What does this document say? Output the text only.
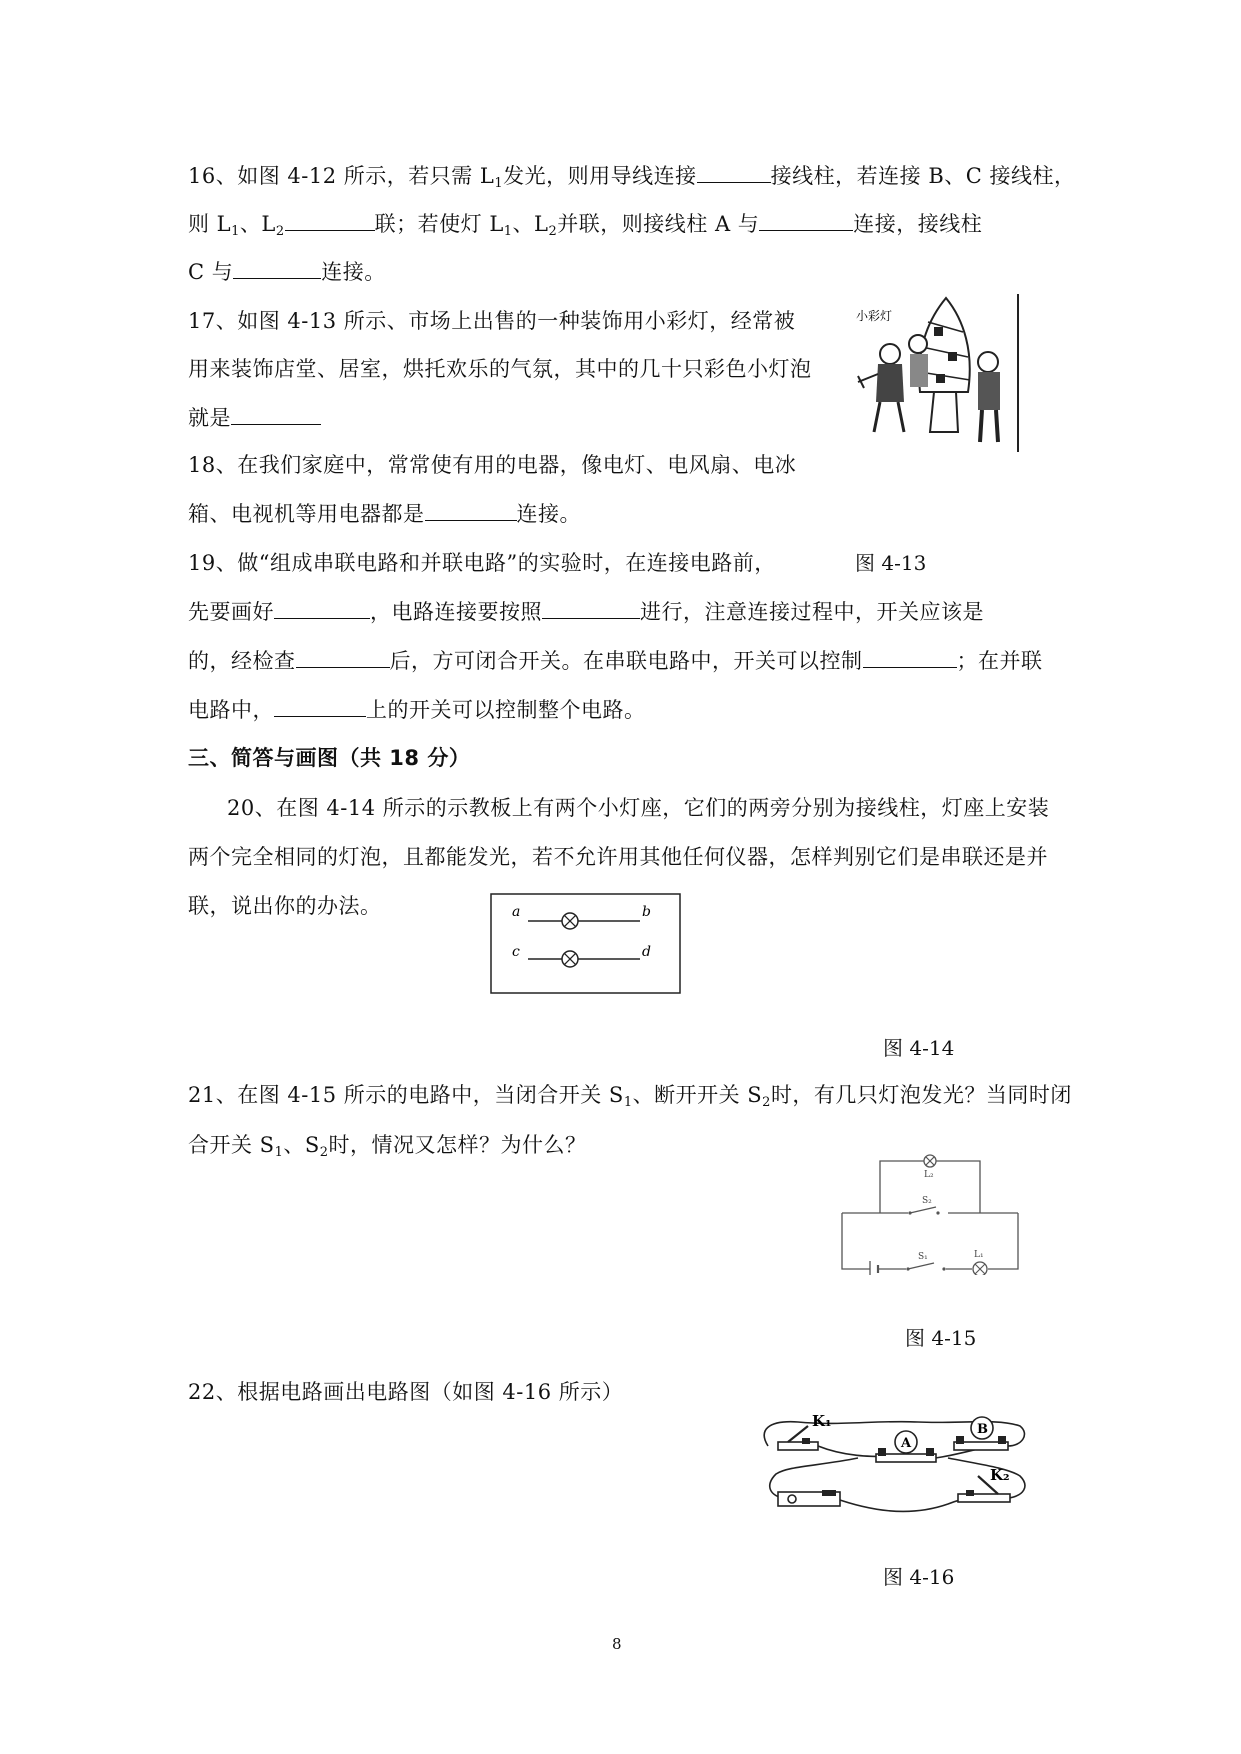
16、如图 4-12 所示，若只需 $L_1$发光，则用导线连接	接线柱，若连接 B、C 接线柱，
则 $L_1$、$L_2$	联；若使灯 $L_1$、$L_2$并联，则接线柱 A 与	连接，接线柱
C 与	连接。
17、如图 4-13 所示、市场上出售的一种装饰用小彩灯，经常被
用来装饰店堂、居室，烘托欢乐的气氛，其中的几十只彩色小灯泡
就是
小彩灯
18、在我们家庭中，常常使有用的电器，像电灯、电风扇、电冰
箱、电视机等用电器都是	连接。
19、做“组成串联电路和并联电路”的实验时，在连接电路前，	图 4-13
先要画好	，电路连接要按照	进行，注意连接过程中，开关应该是
的，经检查	后，方可闭合开关。在串联电路中，开关可以控制	；在并联
电路中，	上的开关可以控制整个电路。
三、简答与画图（共 18 分）
20、在图 4-14 所示的示教板上有两个小灯座，它们的两旁分别为接线柱，灯座上安装
两个完全相同的灯泡，且都能发光，若不允许用其他任何仪器，怎样判别它们是串联还是并
联，说出你的办法。	a	b
c	d
图 4-14
21、在图 4-15 所示的电路中，当闭合开关 $S_1$、断开开关 $S_2$时，有几只灯泡发光？当同时闭
合开关 $S_1$、$S_2$时，情况又怎样？为什么？
S₂
L₂
S₁	L₁
图 4-15
22、根据电路画出电路图（如图 4-16 所示）
K₁	B
A
K₂
图 4-16
8
